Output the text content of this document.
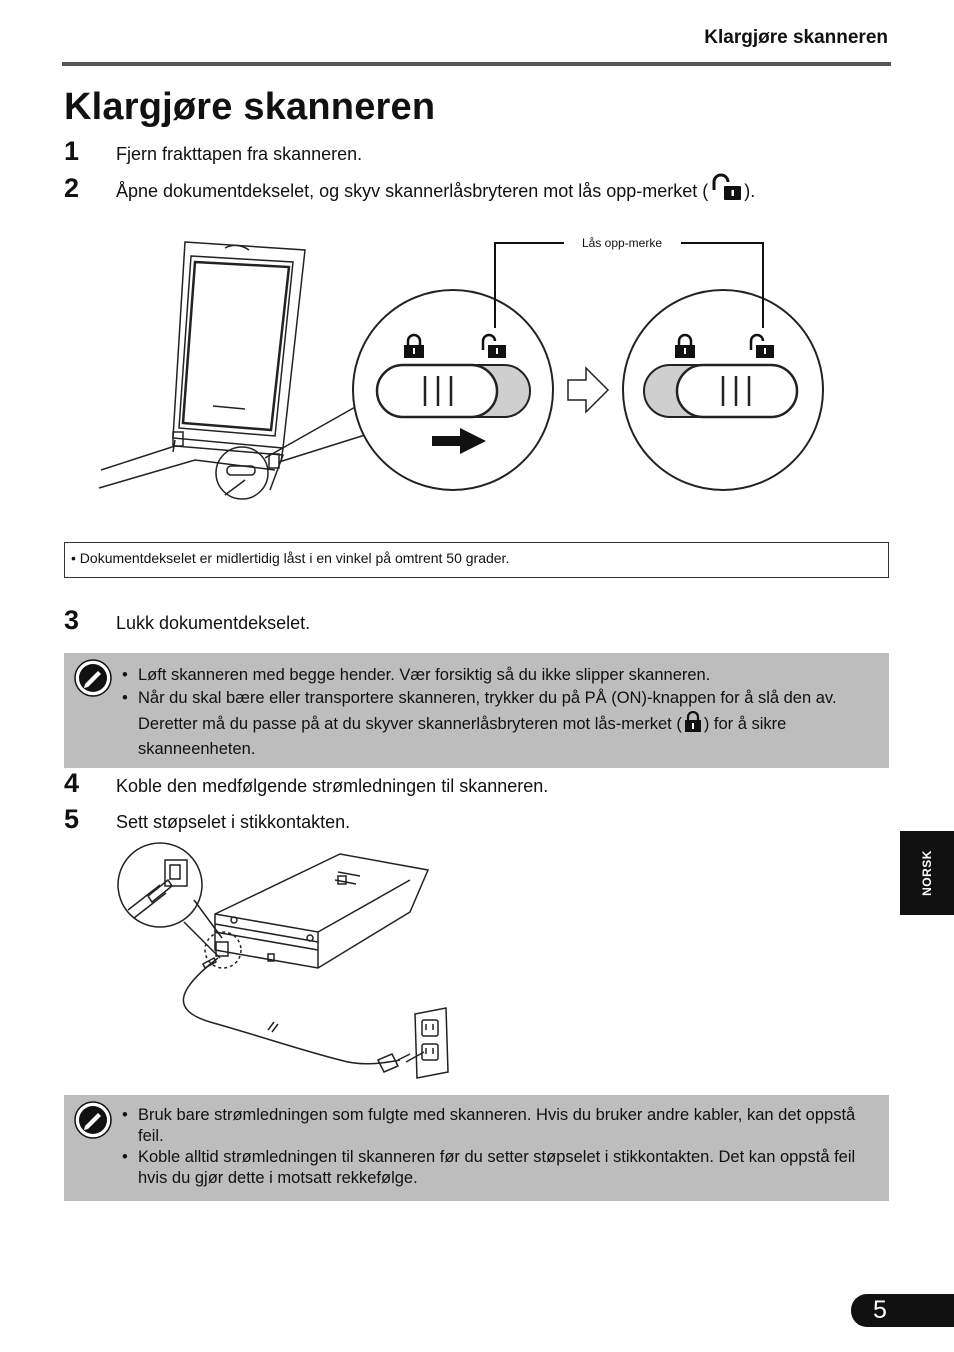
Klargjøre skanneren
Klargjøre skanneren
1 Fjern frakttapen fra skanneren.
2 Åpne dokumentdekselet, og skyv skannerlåsbryteren mot lås opp-merket ( ).
Lås opp-merke
• Dokumentdekselet er midlertidig låst i en vinkel på omtrent 50 grader.
3 Lukk dokumentdekselet.
• Løft skanneren med begge hender. Vær forsiktig så du ikke slipper skanneren.
• Når du skal bære eller transportere skanneren, trykker du på PÅ (ON)-knappen for å slå den av. Deretter må du passe på at du skyver skannerlåsbryteren mot lås-merket ( ) for å sikre skanneenheten.
4 Koble den medfølgende strømledningen til skanneren.
5 Sett støpselet i stikkontakten.
• Bruk bare strømledningen som fulgte med skanneren. Hvis du bruker andre kabler, kan det oppstå feil.
• Koble alltid strømledningen til skanneren før du setter støpselet i stikkontakten. Det kan oppstå feil hvis du gjør dette i motsatt rekkefølge.
NORSK
5
